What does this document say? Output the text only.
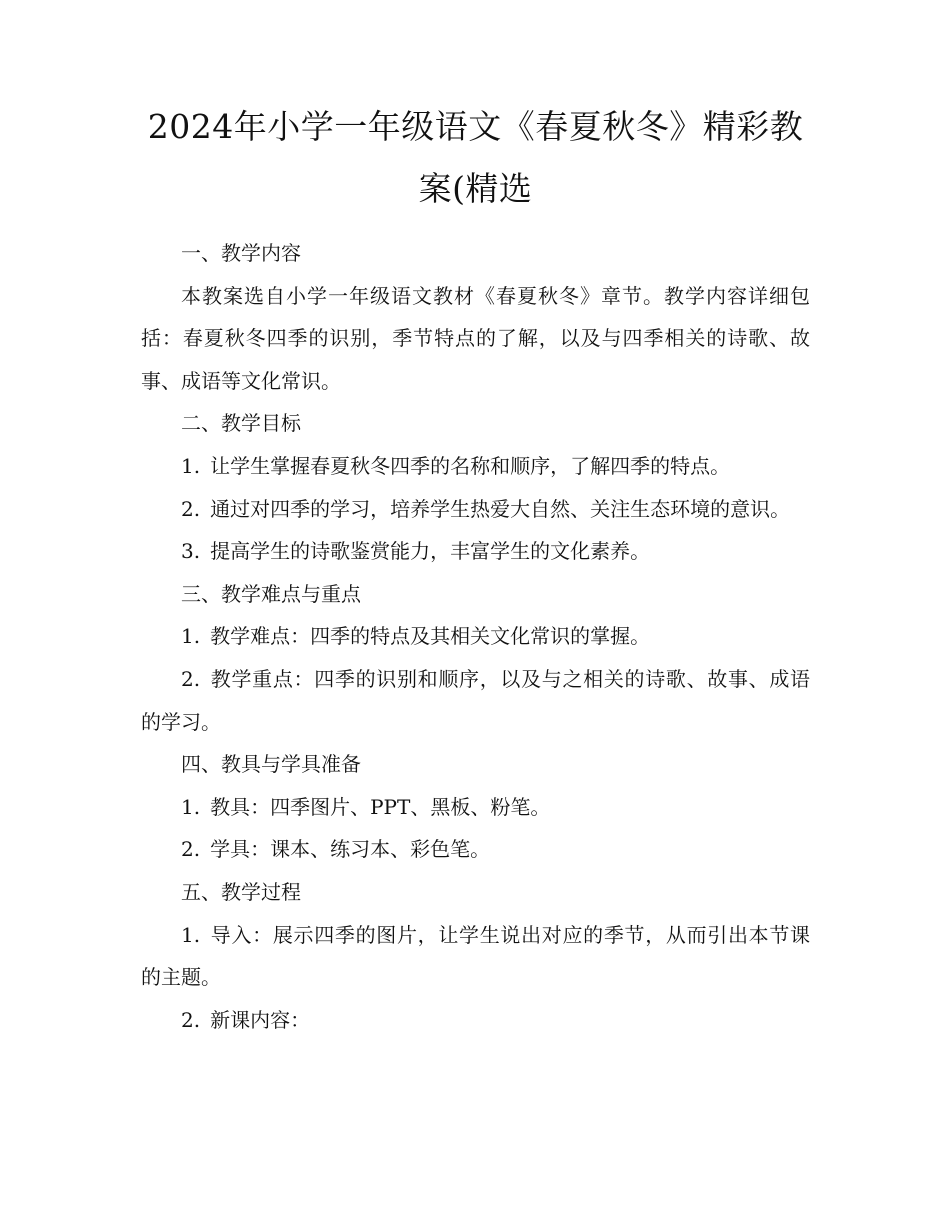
2024年小学一年级语文《春夏秋冬》精彩教
案(精选

一、教学内容

本教案选自小学一年级语文教材《春夏秋冬》章节。教学内容详细包括：春夏秋冬四季的识别，季节特点的了解，以及与四季相关的诗歌、故事、成语等文化常识。

二、教学目标

1. 让学生掌握春夏秋冬四季的名称和顺序，了解四季的特点。

2. 通过对四季的学习，培养学生热爱大自然、关注生态环境的意识。

3. 提高学生的诗歌鉴赏能力，丰富学生的文化素养。

三、教学难点与重点

1. 教学难点：四季的特点及其相关文化常识的掌握。

2. 教学重点：四季的识别和顺序，以及与之相关的诗歌、故事、成语的学习。

四、教具与学具准备

1. 教具：四季图片、PPT、黑板、粉笔。

2. 学具：课本、练习本、彩色笔。

五、教学过程

1. 导入：展示四季的图片，让学生说出对应的季节，从而引出本节课的主题。

2. 新课内容：
